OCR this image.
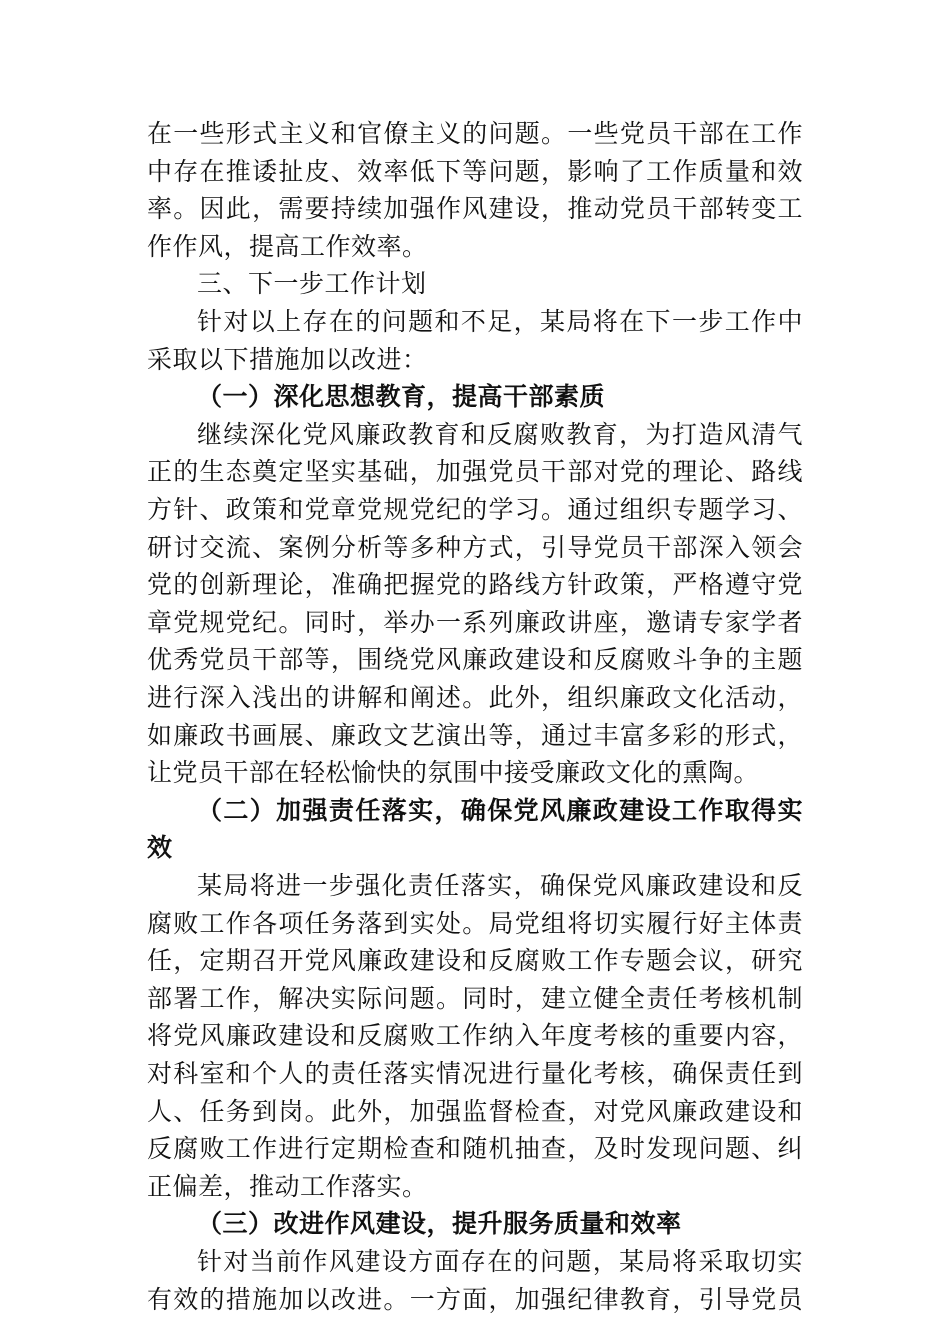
在一些形式主义和官僚主义的问题。一些党员干部在工作
中存在推诿扯皮、效率低下等问题，影响了工作质量和效
率。因此，需要持续加强作风建设，推动党员干部转变工
作作风，提高工作效率。
三、下一步工作计划
针对以上存在的问题和不足，某局将在下一步工作中
采取以下措施加以改进：
（一）深化思想教育，提高干部素质
继续深化党风廉政教育和反腐败教育，为打造风清气
正的生态奠定坚实基础，加强党员干部对党的理论、路线
方针、政策和党章党规党纪的学习。通过组织专题学习、
研讨交流、案例分析等多种方式，引导党员干部深入领会
党的创新理论，准确把握党的路线方针政策，严格遵守党
章党规党纪。同时，举办一系列廉政讲座，邀请专家学者
优秀党员干部等，围绕党风廉政建设和反腐败斗争的主题
进行深入浅出的讲解和阐述。此外，组织廉政文化活动，
如廉政书画展、廉政文艺演出等，通过丰富多彩的形式，
让党员干部在轻松愉快的氛围中接受廉政文化的熏陶。
（二）加强责任落实，确保党风廉政建设工作取得实
效
某局将进一步强化责任落实，确保党风廉政建设和反
腐败工作各项任务落到实处。局党组将切实履行好主体责
任，定期召开党风廉政建设和反腐败工作专题会议，研究
部署工作，解决实际问题。同时，建立健全责任考核机制
将党风廉政建设和反腐败工作纳入年度考核的重要内容，
对科室和个人的责任落实情况进行量化考核，确保责任到
人、任务到岗。此外，加强监督检查，对党风廉政建设和
反腐败工作进行定期检查和随机抽查，及时发现问题、纠
正偏差，推动工作落实。
（三）改进作风建设，提升服务质量和效率
针对当前作风建设方面存在的问题，某局将采取切实
有效的措施加以改进。一方面，加强纪律教育，引导党员
